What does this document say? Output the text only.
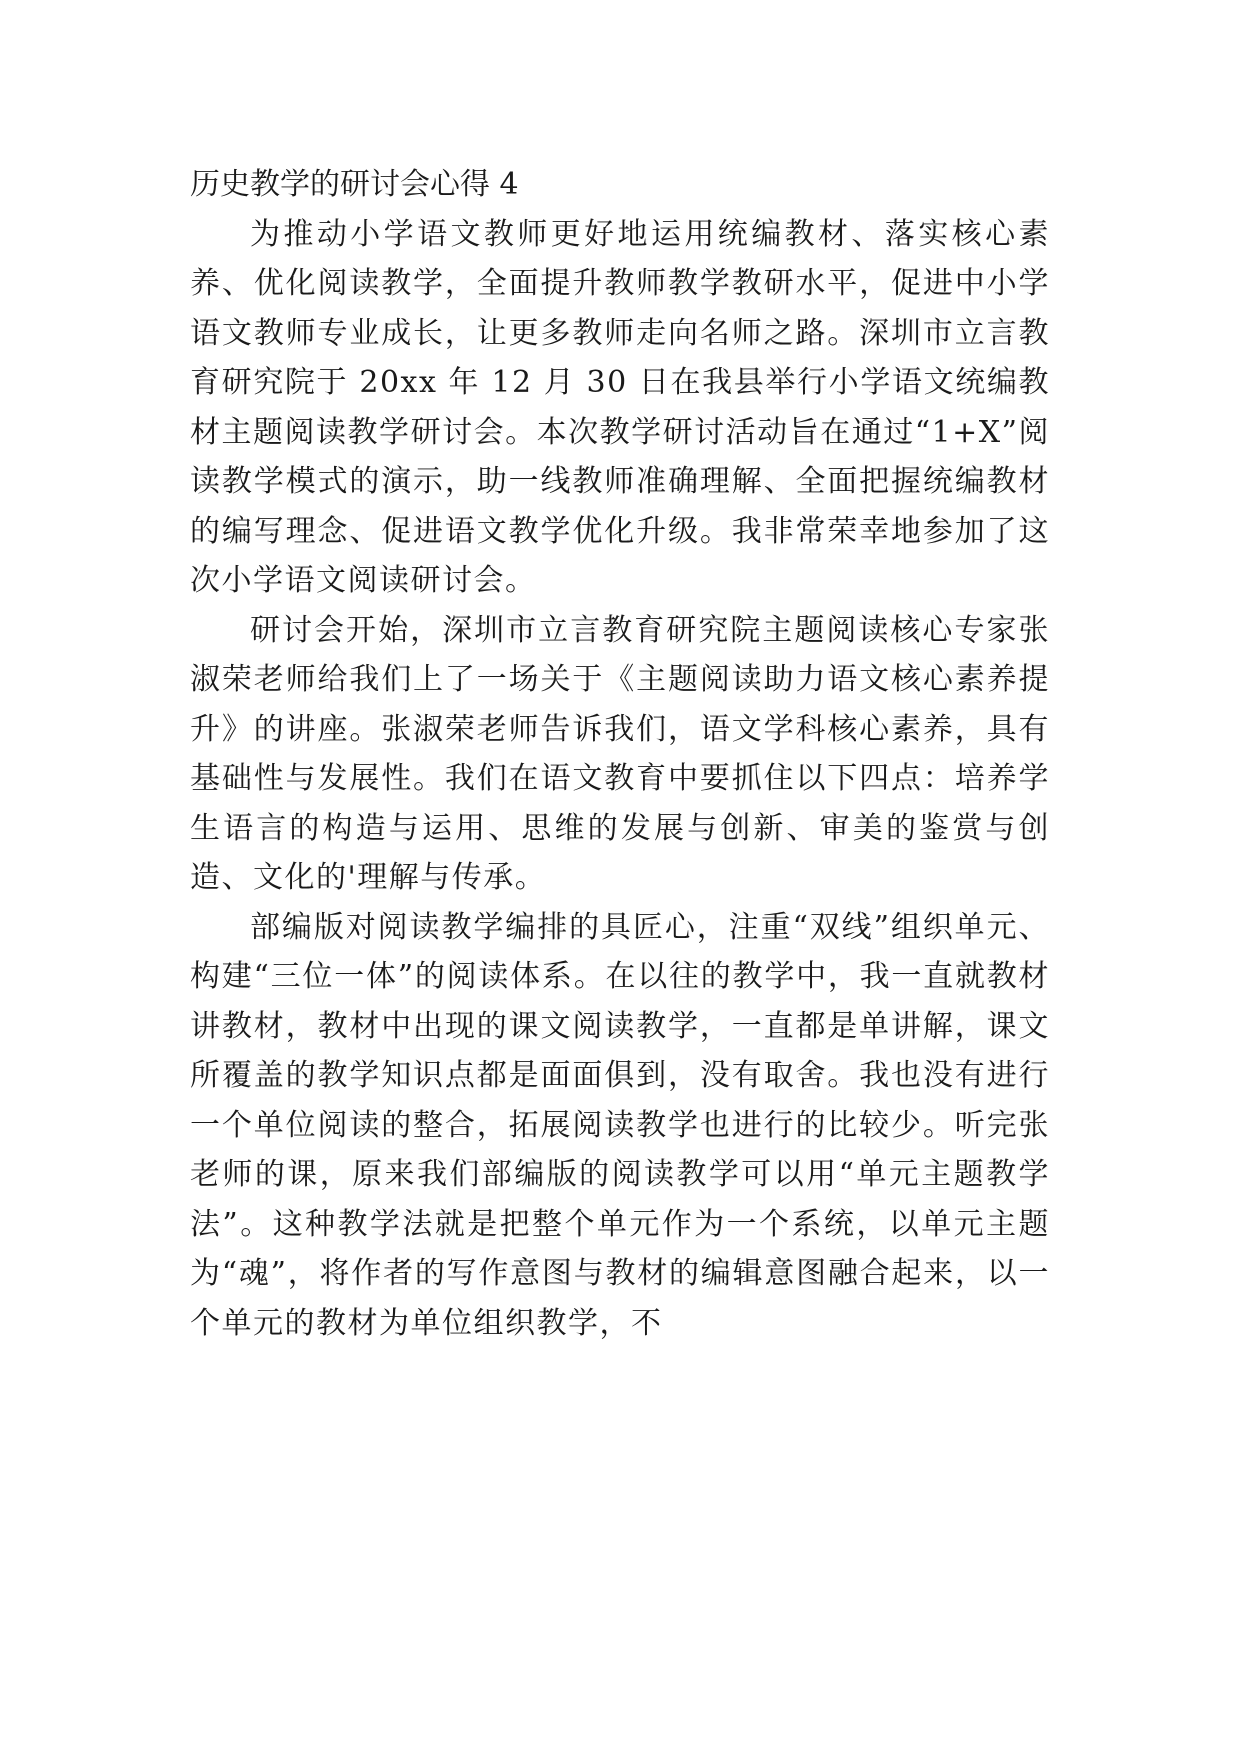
历史教学的研讨会心得 4

为推动小学语文教师更好地运用统编教材、落实核心素养、优化阅读教学，全面提升教师教学教研水平，促进中小学语文教师专业成长，让更多教师走向名师之路。深圳市立言教育研究院于 20xx 年 12 月 30 日在我县举行小学语文统编教材主题阅读教学研讨会。本次教学研讨活动旨在通过“1+X”阅读教学模式的演示，助一线教师准确理解、全面把握统编教材的编写理念、促进语文教学优化升级。我非常荣幸地参加了这次小学语文阅读研讨会。

研讨会开始，深圳市立言教育研究院主题阅读核心专家张淑荣老师给我们上了一场关于《主题阅读助力语文核心素养提升》的讲座。张淑荣老师告诉我们，语文学科核心素养，具有基础性与发展性。我们在语文教育中要抓住以下四点：培养学生语言的构造与运用、思维的发展与创新、审美的鉴赏与创造、文化的'理解与传承。

部编版对阅读教学编排的具匠心，注重“双线”组织单元、构建“三位一体”的阅读体系。在以往的教学中，我一直就教材讲教材，教材中出现的课文阅读教学，一直都是单讲解，课文所覆盖的教学知识点都是面面俱到，没有取舍。我也没有进行一个单位阅读的整合，拓展阅读教学也进行的比较少。听完张老师的课，原来我们部编版的阅读教学可以用“单元主题教学法”。这种教学法就是把整个单元作为一个系统，以单元主题为“魂”，将作者的写作意图与教材的编辑意图融合起来，以一个单元的教材为单位组织教学，不
